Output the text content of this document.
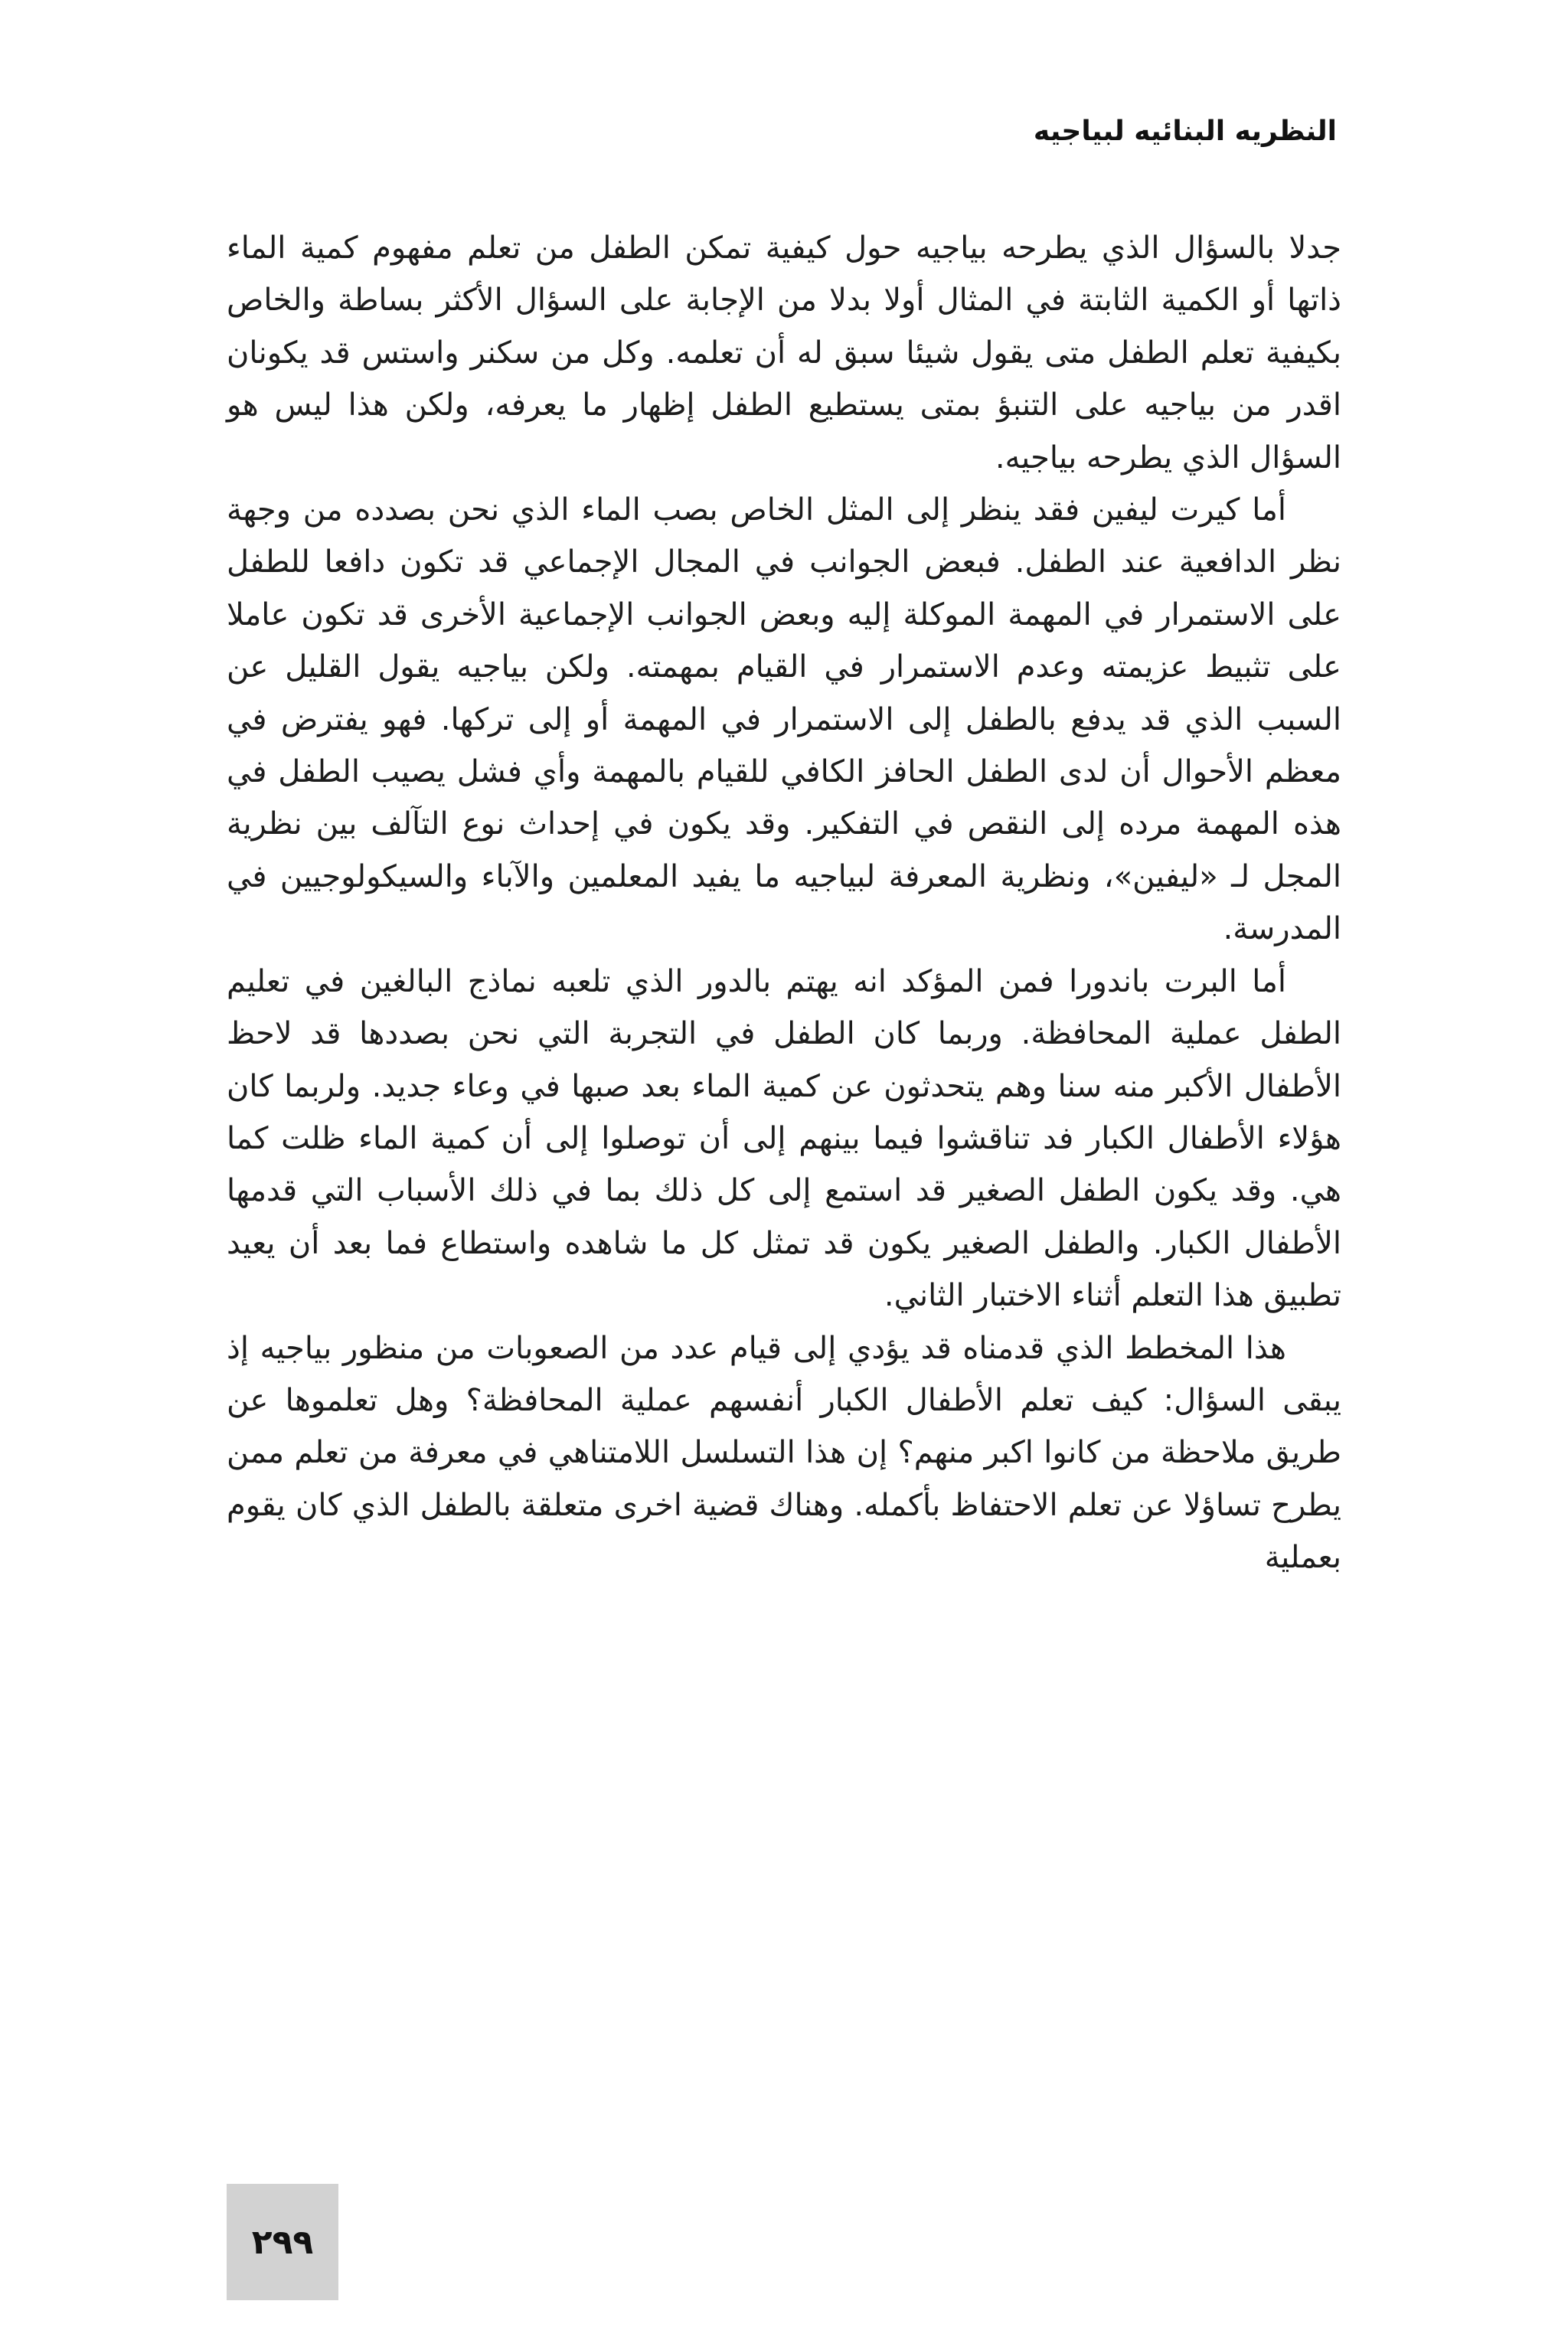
النظريه البنائيه لبياجيه

جدلا بالسؤال الذي يطرحه بياجيه حول كيفية تمكن الطفل من تعلم مفهوم كمية الماء ذاتها أو الكمية الثابتة في المثال أولا بدلا من الإجابة على السؤال الأكثر بساطة والخاص بكيفية تعلم الطفل متى يقول شيئا سبق له أن تعلمه. وكل من سكنر واستس قد يكونان اقدر من بياجيه على التنبؤ بمتى يستطيع الطفل إظهار ما يعرفه، ولكن هذا ليس هو السؤال الذي يطرحه بياجيه.

أما كيرت ليفين فقد ينظر إلى المثل الخاص بصب الماء الذي نحن بصدده من وجهة نظر الدافعية عند الطفل. فبعض الجوانب في المجال الإجماعي قد تكون دافعا للطفل على الاستمرار في المهمة الموكلة إليه وبعض الجوانب الإجماعية الأخرى قد تكون عاملا على تثبيط عزيمته وعدم الاستمرار في القيام بمهمته. ولكن بياجيه يقول القليل عن السبب الذي قد يدفع بالطفل إلى الاستمرار في المهمة أو إلى تركها. فهو يفترض في معظم الأحوال أن لدى الطفل الحافز الكافي للقيام بالمهمة وأي فشل يصيب الطفل في هذه المهمة مرده إلى النقص في التفكير. وقد يكون في إحداث نوع التآلف بين نظرية المجل لـ «ليفين»، ونظرية المعرفة لبياجيه ما يفيد المعلمين والآباء والسيكولوجيين في المدرسة.

أما البرت باندورا فمن المؤكد انه يهتم بالدور الذي تلعبه نماذج البالغين في تعليم الطفل عملية المحافظة. وربما كان الطفل في التجربة التي نحن بصددها قد لاحظ الأطفال الأكبر منه سنا وهم يتحدثون عن كمية الماء بعد صبها في وعاء جديد. ولربما كان هؤلاء الأطفال الكبار فد تناقشوا فيما بينهم إلى أن توصلوا إلى أن كمية الماء ظلت كما هي. وقد يكون الطفل الصغير قد استمع إلى كل ذلك بما في ذلك الأسباب التي قدمها الأطفال الكبار. والطفل الصغير يكون قد تمثل كل ما شاهده واستطاع فما بعد أن يعيد تطبيق هذا التعلم أثناء الاختبار الثاني.

هذا المخطط الذي قدمناه قد يؤدي إلى قيام عدد من الصعوبات من منظور بياجيه إذ يبقى السؤال: كيف تعلم الأطفال الكبار أنفسهم عملية المحافظة؟ وهل تعلموها عن طريق ملاحظة من كانوا اكبر منهم؟ إن هذا التسلسل اللامتناهي في معرفة من تعلم ممن يطرح تساؤلا عن تعلم الاحتفاظ بأكمله. وهناك قضية اخرى متعلقة بالطفل الذي كان يقوم بعملية

٢٩٩
